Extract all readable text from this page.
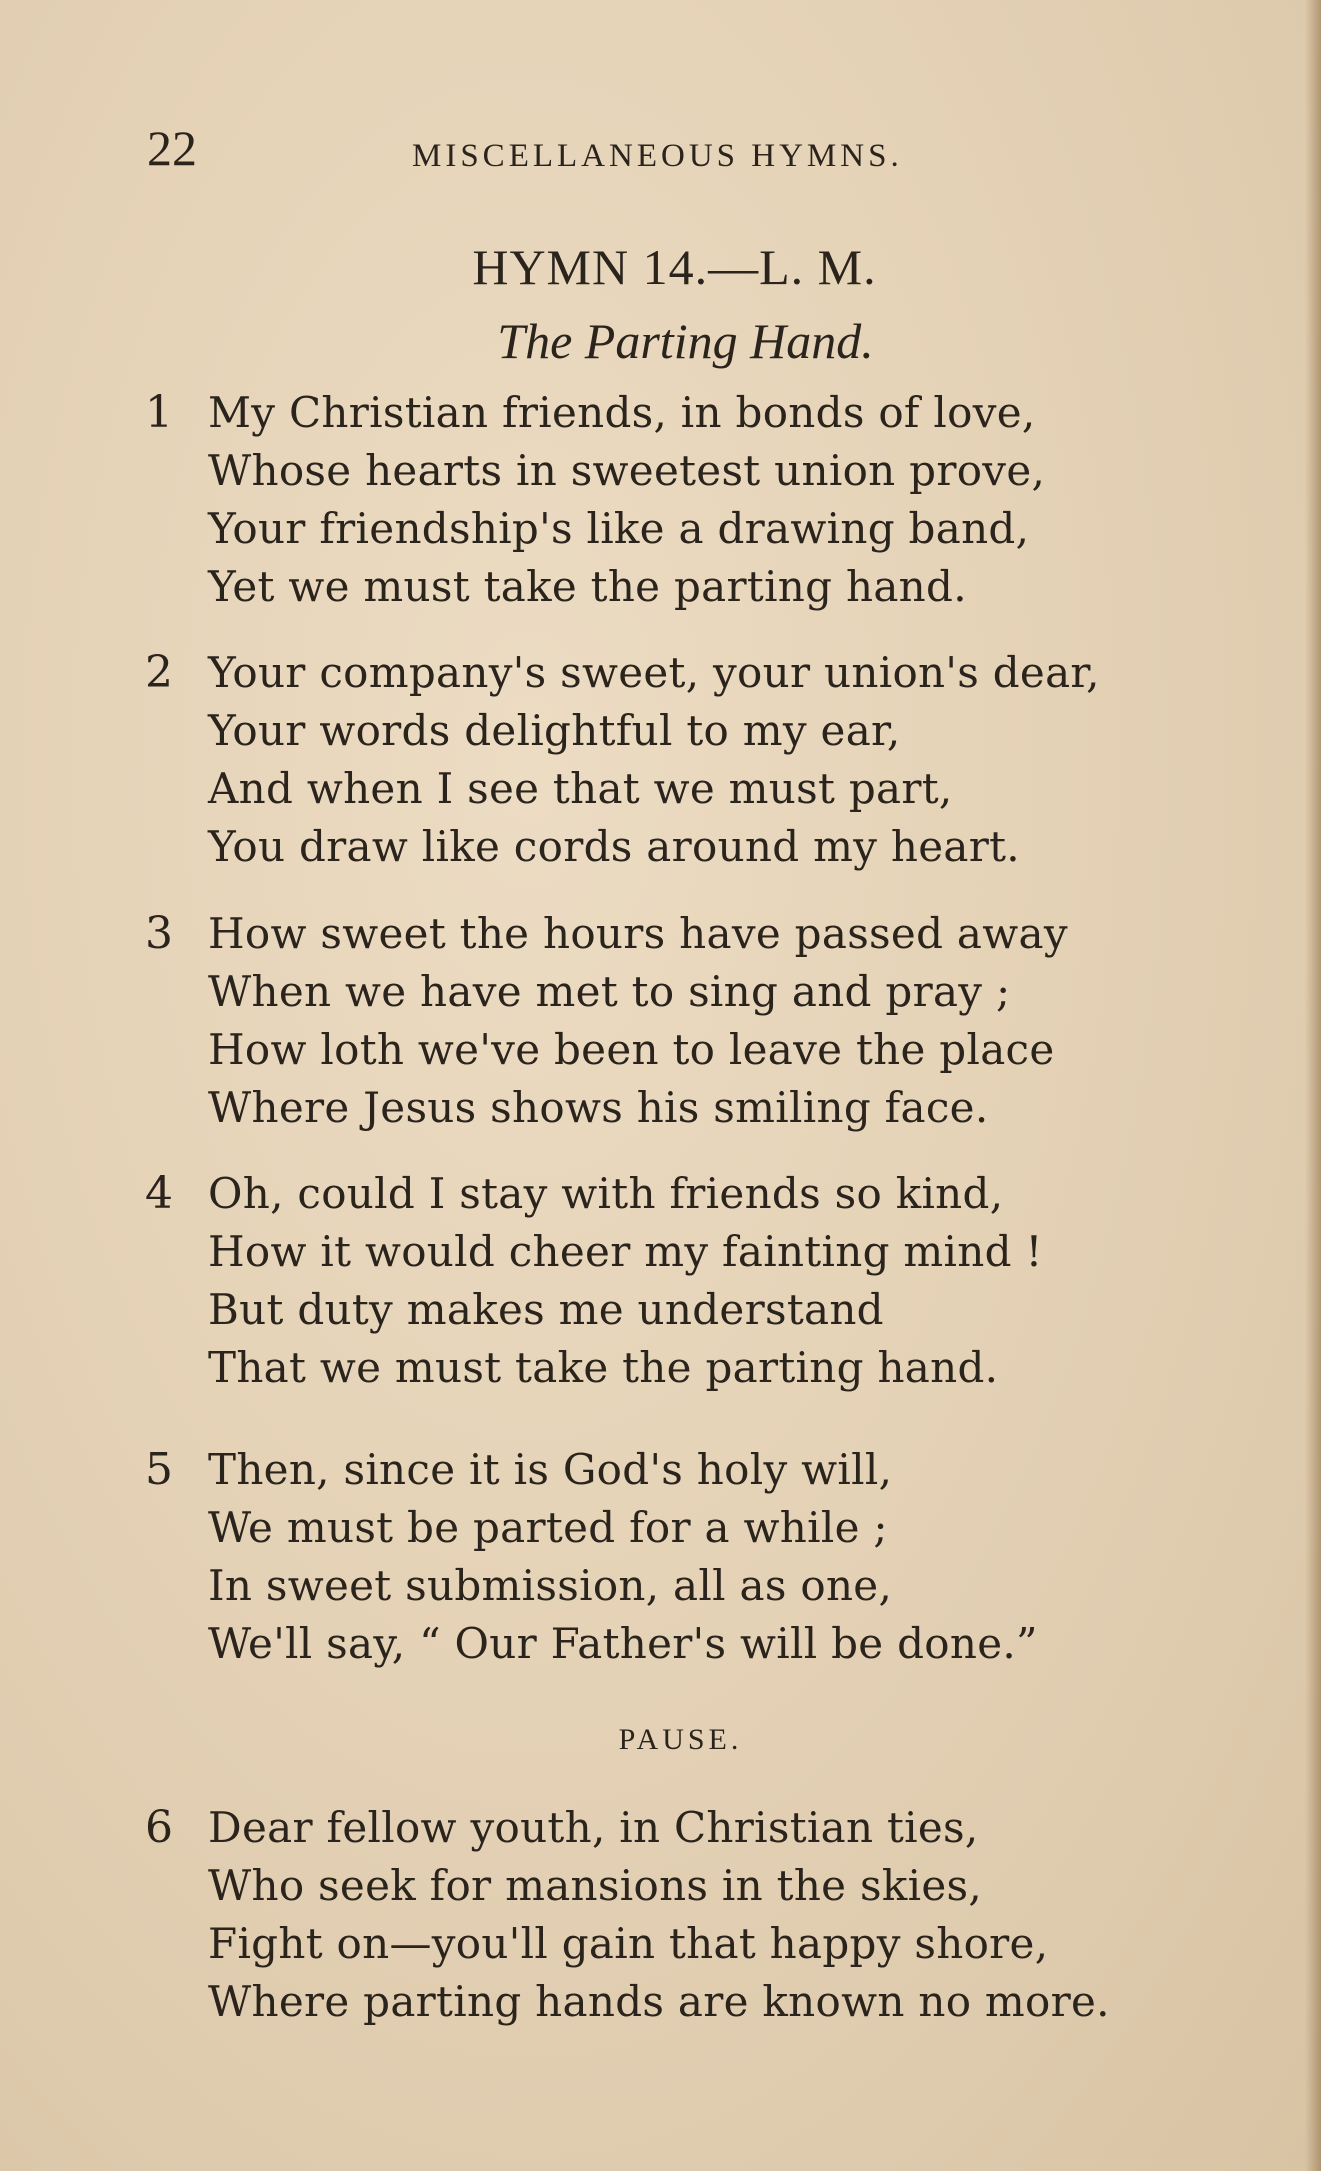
22	MISCELLANEOUS HYMNS.
HYMN 14.—L. M.
The Parting Hand.
1 My Christian friends, in bonds of love,
Whose hearts in sweetest union prove,
Your friendship's like a drawing band,
Yet we must take the parting hand.
2 Your company's sweet, your union's dear,
Your words delightful to my ear,
And when I see that we must part,
You draw like cords around my heart.
3 How sweet the hours have passed away
When we have met to sing and pray ;
How loth we've been to leave the place
Where Jesus shows his smiling face.
4 Oh, could I stay with friends so kind,
How it would cheer my fainting mind !
But duty makes me understand
That we must take the parting hand.
5 Then, since it is God's holy will,
We must be parted for a while ;
In sweet submission, all as one,
We'll say, “ Our Father's will be done.”
PAUSE.
6 Dear fellow youth, in Christian ties,
Who seek for mansions in the skies,
Fight on—you'll gain that happy shore,
Where parting hands are known no more.
